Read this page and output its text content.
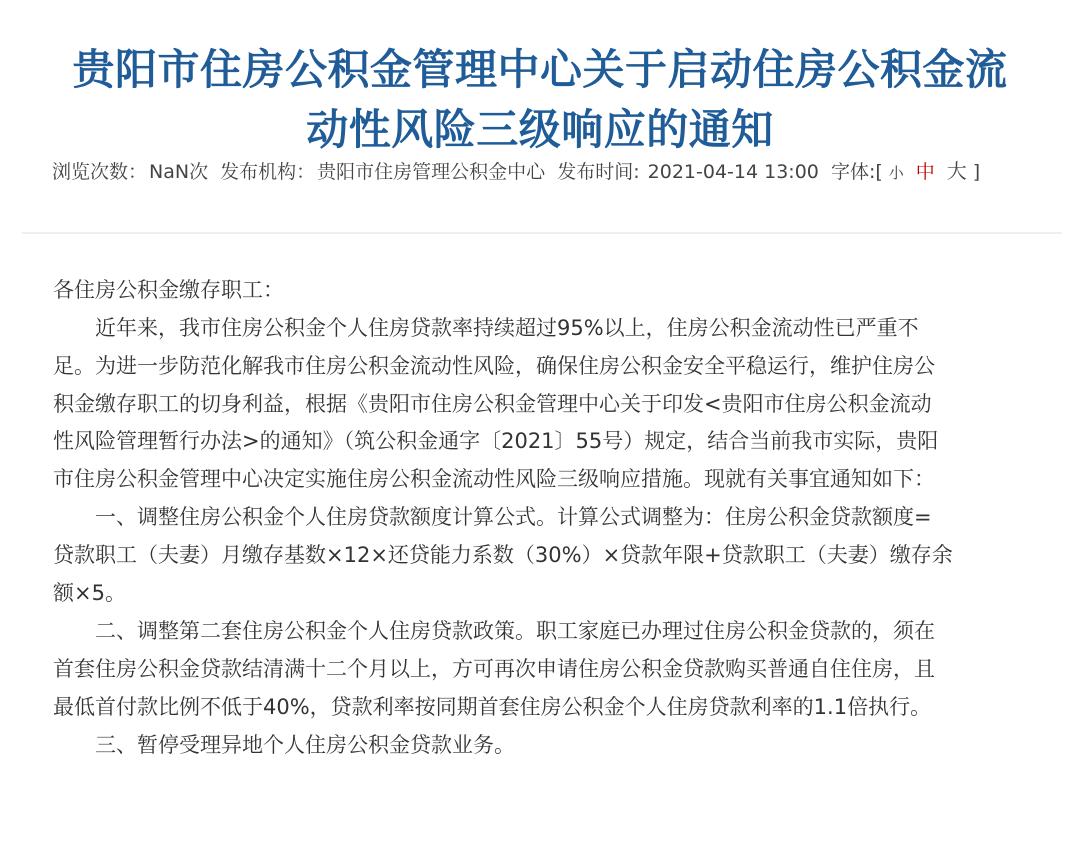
贵阳市住房公积金管理中心关于启动住房公积金流
动性风险三级响应的通知
浏览次数： NaN次 发布机构： 贵阳市住房管理公积金中心 发布时间: 2021-04-14 13:00 字体:[ 小 中 大 ]

各住房公积金缴存职工：

近年来，我市住房公积金个人住房贷款率持续超过95%以上，住房公积金流动性已严重不
足。为进一步防范化解我市住房公积金流动性风险，确保住房公积金安全平稳运行，维护住房公
积金缴存职工的切身利益，根据《贵阳市住房公积金管理中心关于印发<贵阳市住房公积金流动
性风险管理暂行办法>的通知》（筑公积金通字〔2021〕55号）规定，结合当前我市实际，贵阳
市住房公积金管理中心决定实施住房公积金流动性风险三级响应措施。现就有关事宜通知如下：

一、调整住房公积金个人住房贷款额度计算公式。计算公式调整为：住房公积金贷款额度=
贷款职工（夫妻）月缴存基数×12×还贷能力系数（30%）×贷款年限+贷款职工（夫妻）缴存余
额×5。

二、调整第二套住房公积金个人住房贷款政策。职工家庭已办理过住房公积金贷款的，须在
首套住房公积金贷款结清满十二个月以上，方可再次申请住房公积金贷款购买普通自住住房，且
最低首付款比例不低于40%，贷款利率按同期首套住房公积金个人住房贷款利率的1.1倍执行。

三、暂停受理异地个人住房公积金贷款业务。
